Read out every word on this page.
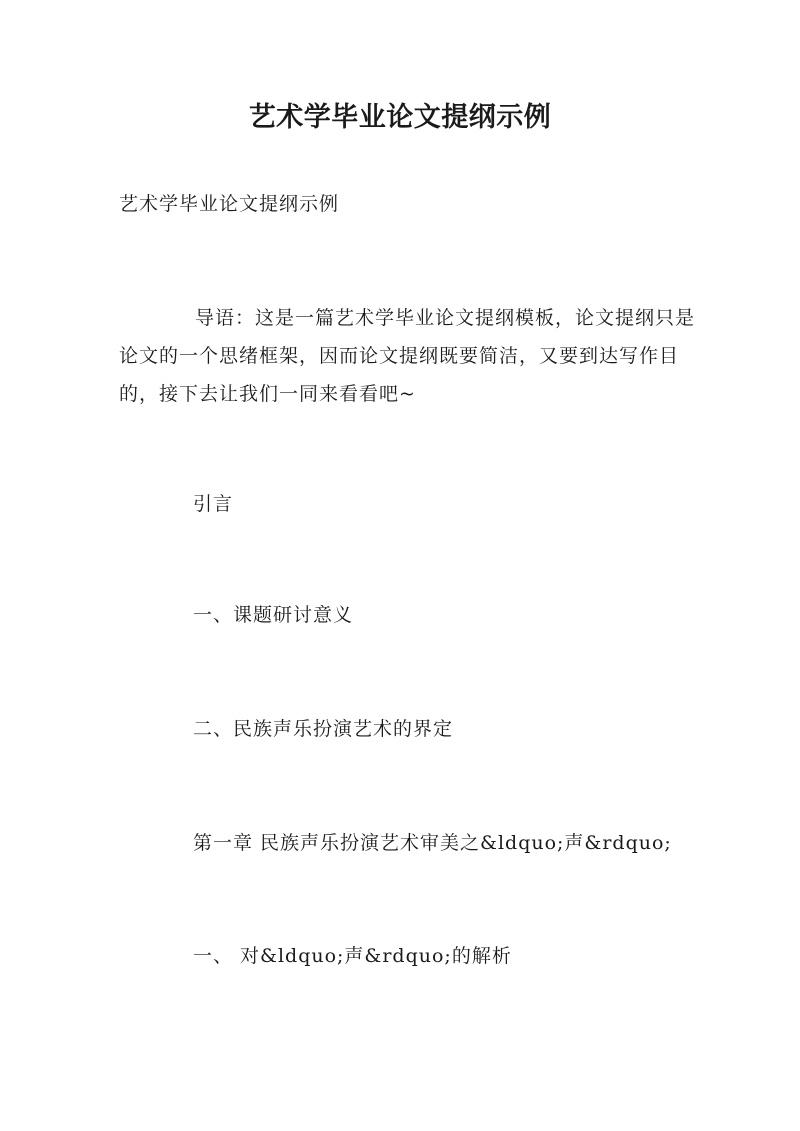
艺术学毕业论文提纲示例
艺术学毕业论文提纲示例

导语：这是一篇艺术学毕业论文提纲模板，论文提纲只是论文的一个思绪框架，因而论文提纲既要简洁，又要到达写作目的，接下去让我们一同来看看吧~

引言
一、课题研讨意义
二、民族声乐扮演艺术的界定
第一章 民族声乐扮演艺术审美之&ldquo;声&rdquo;
一、 对&ldquo;声&rdquo;的解析
